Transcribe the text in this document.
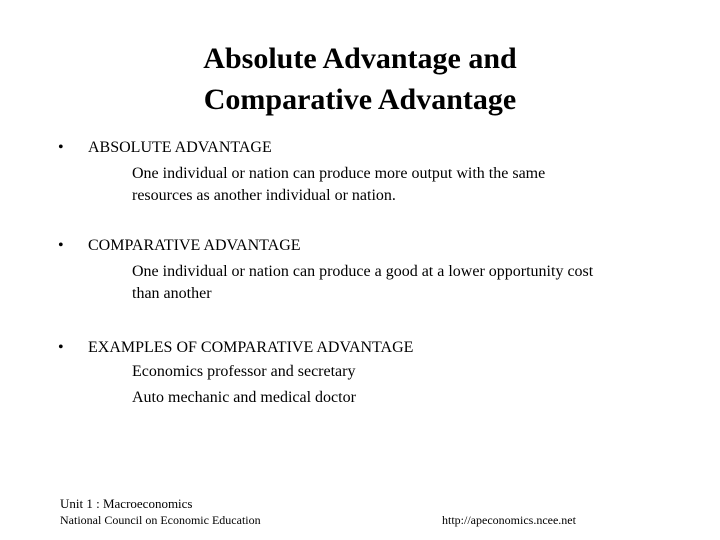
Absolute Advantage and
Comparative Advantage
•	ABSOLUTE ADVANTAGE
One individual or nation can produce more output with the same
resources as another individual or nation.
•	COMPARATIVE ADVANTAGE
One individual or nation can produce a good at a lower opportunity cost
than another
•	EXAMPLES OF COMPARATIVE ADVANTAGE
Economics professor and secretary
Auto mechanic and medical doctor
Unit 1 : Macroeconomics
National Council on Economic Education	http://apeconomics.ncee.net
